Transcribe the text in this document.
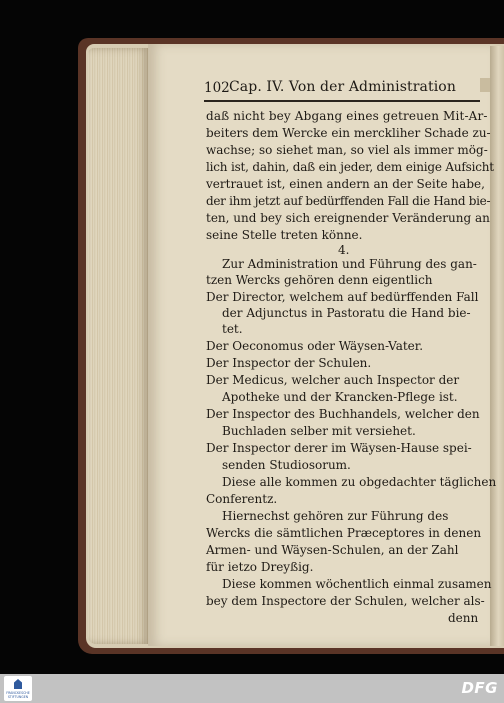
102 Cap. IV. Von der Administration
daß nicht bey Abgang eines getreuen Mit-Ar-
beiters dem Wercke ein merckliher Schade zu-
wachse; so siehet man, so viel als immer mög-
lich ist, dahin, daß ein jeder, dem einige Aufsicht
vertrauet ist, einen andern an der Seite habe,
der ihm jetzt auf bedürffenden Fall die Hand bie-
ten, und bey sich ereignender Veränderung an
seine Stelle treten könne.
4.
Zur Administration und Führung des gan-
tzen Wercks gehören denn eigentlich
Der Director, welchem auf bedürffenden Fall
der Adjunctus in Pastoratu die Hand bie-
tet.
Der Oeconomus oder Wäysen-Vater.
Der Inspector der Schulen.
Der Medicus, welcher auch Inspector der
Apotheke und der Krancken-Pflege ist.
Der Inspector des Buchhandels, welcher den
Buchladen selber mit versiehet.
Der Inspector derer im Wäysen-Hause spei-
senden Studiosorum.
Diese alle kommen zu obgedachter täglichen
Conferentz.
Hiernechst gehören zur Führung des
Wercks die sämtlichen Præceptores in denen
Armen- und Wäysen-Schulen, an der Zahl
für ietzo Dreyßig.
Diese kommen wöchentlich einmal zusamen
bey dem Inspectore der Schulen, welcher als-
denn
FRANCKESCHE
STIFTUNGEN	DFG
